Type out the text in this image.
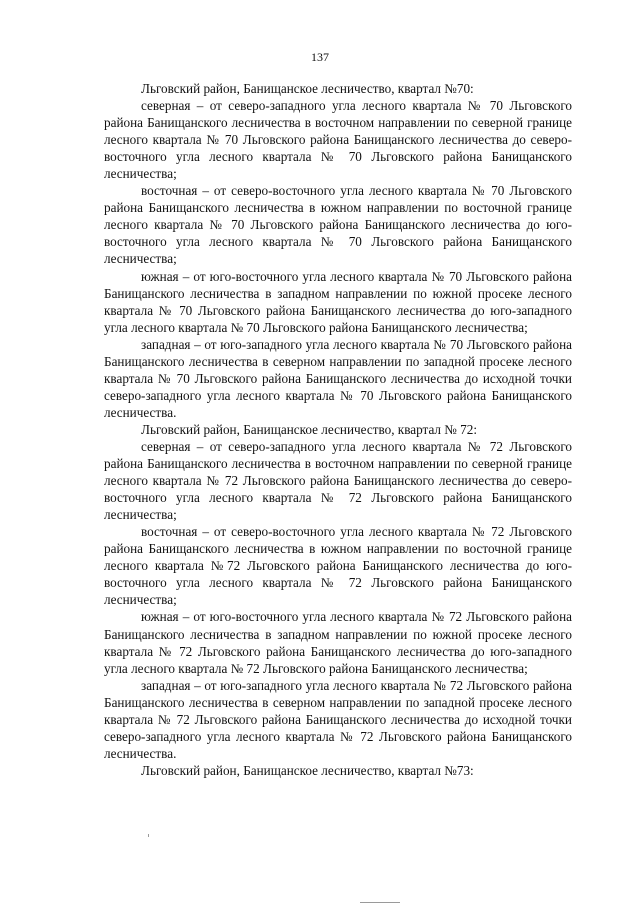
137

Льговский район, Банищанское лесничество, квартал №70:

северная – от северо-западного угла лесного квартала № 70 Льговского района Банищанского лесничества в восточном направлении по северной границе лесного квартала № 70 Льговского района Банищанского лесничества до северо-восточного угла лесного квартала № 70 Льговского района Банищанского лесничества;

восточная – от северо-восточного угла лесного квартала № 70 Льговского района Банищанского лесничества в южном направлении по восточной границе лесного квартала № 70 Льговского района Банищанского лесничества до юго-восточного угла лесного квартала № 70 Льговского района Банищанского лесничества;

южная – от юго-восточного угла лесного квартала № 70 Льговского района Банищанского лесничества в западном направлении по южной просеке лесного квартала № 70 Льговского района Банищанского лесничества до юго-западного угла лесного квартала № 70 Льговского района Банищанского лесничества;

западная – от юго-западного угла лесного квартала № 70 Льговского района Банищанского лесничества в северном направлении по западной просеке лесного квартала № 70 Льговского района Банищанского лесничества до исходной точки северо-западного угла лесного квартала № 70 Льговского района Банищанского лесничества.

Льговский район, Банищанское лесничество, квартал № 72:

северная – от северо-западного угла лесного квартала № 72 Льговского района Банищанского лесничества в восточном направлении по северной границе лесного квартала № 72 Льговского района Банищанского лесничества до северо-восточного угла лесного квартала № 72 Льговского района Банищанского лесничества;

восточная – от северо-восточного угла лесного квартала № 72 Льговского района Банищанского лесничества в южном направлении по восточной границе лесного квартала №72 Льговского района Банищанского лесничества до юго-восточного угла лесного квартала № 72 Льговского района Банищанского лесничества;

южная – от юго-восточного угла лесного квартала № 72 Льговского района Банищанского лесничества в западном направлении по южной просеке лесного квартала № 72 Льговского района Банищанского лесничества до юго-западного угла лесного квартала № 72 Льговского района Банищанского лесничества;

западная – от юго-западного угла лесного квартала № 72 Льговского района Банищанского лесничества в северном направлении по западной просеке лесного квартала № 72 Льговского района Банищанского лесничества до исходной точки северо-западного угла лесного квартала № 72 Льговского района Банищанского лесничества.

Льговский район, Банищанское лесничество, квартал №73:
